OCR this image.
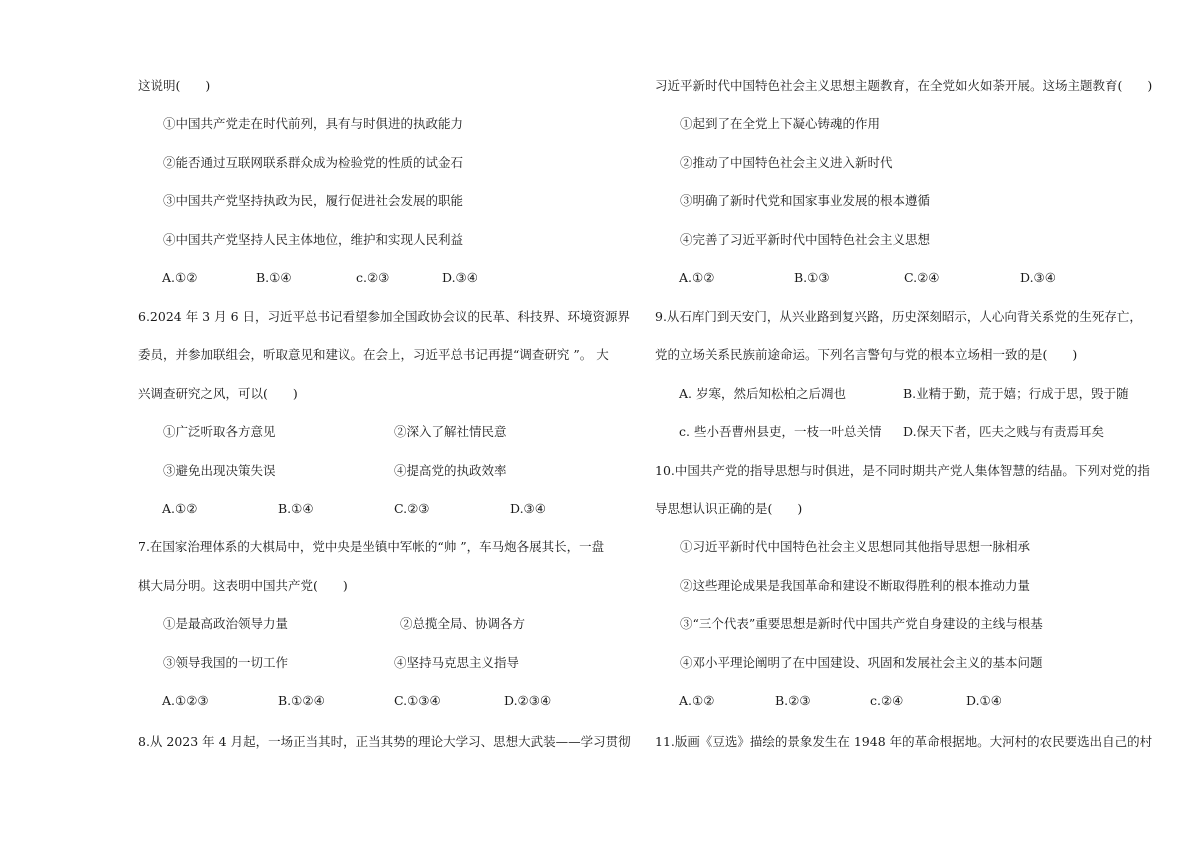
这说明(　　)
①中国共产党走在时代前列，具有与时俱进的执政能力
②能否通过互联网联系群众成为检验党的性质的试金石
③中国共产党坚持执政为民，履行促进社会发展的职能
④中国共产党坚持人民主体地位，维护和实现人民利益
A.①②	B.①④	c.②③	D.③④
6.2024 年 3 月 6 日，习近平总书记看望参加全国政协会议的民革、科技界、环境资源界
委员，并参加联组会，听取意见和建议。在会上，习近平总书记再提“调查研究 ”。 大
兴调查研究之风，可以(　　)
①广泛听取各方意见	②深入了解社情民意
③避免出现决策失误	④提高党的执政效率
A.①②	B.①④	C.②③	D.③④
7.在国家治理体系的大棋局中，党中央是坐镇中军帐的“帅 ”，车马炮各展其长，一盘
棋大局分明。这表明中国共产党(　　)
①是最高政治领导力量	②总揽全局、协调各方
③领导我国的一切工作	④坚持马克思主义指导
A.①②③	B.①②④	C.①③④	D.②③④
8.从 2023 年 4 月起，一场正当其时，正当其势的理论大学习、思想大武装——学习贯彻
习近平新时代中国特色社会主义思想主题教育，在全党如火如荼开展。这场主题教育(　　)
①起到了在全党上下凝心铸魂的作用
②推动了中国特色社会主义进入新时代
③明确了新时代党和国家事业发展的根本遵循
④完善了习近平新时代中国特色社会主义思想
A.①②	B.①③	C.②④	D.③④
9.从石库门到天安门，从兴业路到复兴路，历史深刻昭示，人心向背关系党的生死存亡，
党的立场关系民族前途命运。下列名言警句与党的根本立场相一致的是(　　)
A. 岁寒，然后知松柏之后凋也	B.业精于勤，荒于嬉；行成于思，毁于随
c. 些小吾曹州县吏，一枝一叶总关情 D.保天下者，匹夫之贱与有责焉耳矣
10.中国共产党的指导思想与时俱进，是不同时期共产党人集体智慧的结晶。下列对党的指
导思想认识正确的是(　　)
①习近平新时代中国特色社会主义思想同其他指导思想一脉相承
②这些理论成果是我国革命和建设不断取得胜利的根本推动力量
③“三个代表”重要思想是新时代中国共产党自身建设的主线与根基
④邓小平理论阐明了在中国建设、巩固和发展社会主义的基本问题
A.①②	B.②③	c.②④	D.①④
11.版画《豆选》描绘的景象发生在 1948 年的革命根据地。大河村的农民要选出自己的村
